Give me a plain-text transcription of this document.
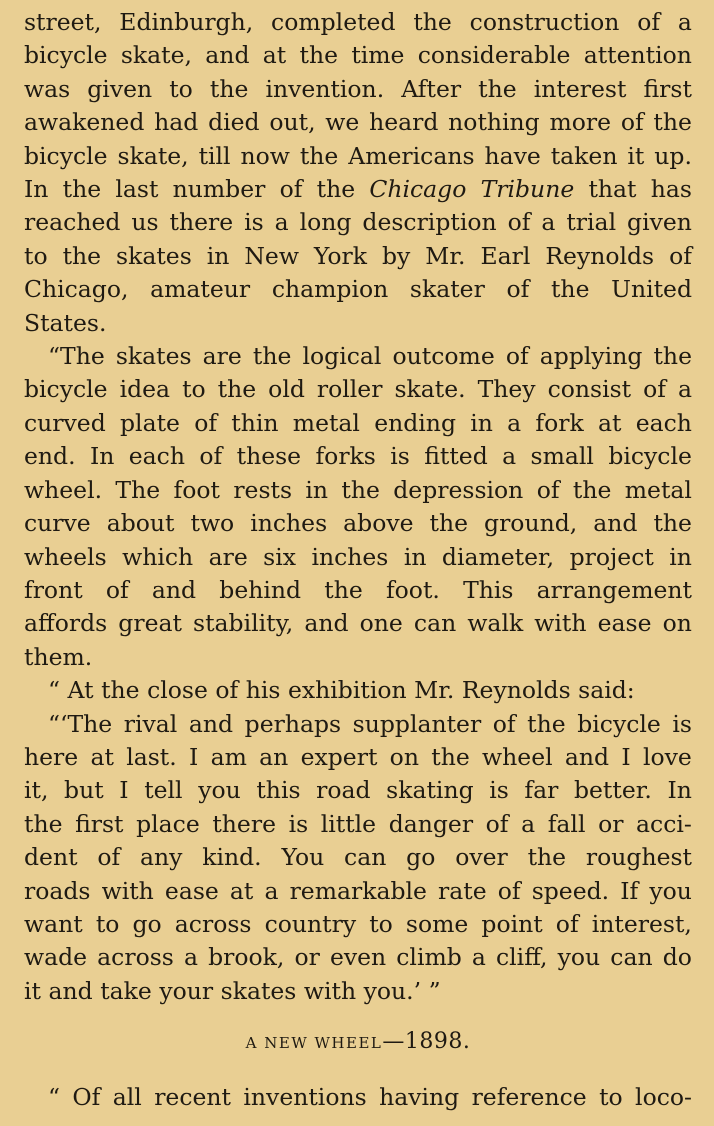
street, Edinburgh, completed the construction of a
bicycle skate, and at the time considerable attention
was given to the invention. After the interest first
awakened had died out, we heard nothing more of the
bicycle skate, till now the Americans have taken it up.
In the last number of the Chicago Tribune that has
reached us there is a long description of a trial given
to the skates in New York by Mr. Earl Reynolds of
Chicago, amateur champion skater of the United
States.
“The skates are the logical outcome of applying the
bicycle idea to the old roller skate. They consist of a
curved plate of thin metal ending in a fork at each
end. In each of these forks is fitted a small bicycle
wheel. The foot rests in the depression of the metal
curve about two inches above the ground, and the
wheels which are six inches in diameter, project in
front of and behind the foot. This arrangement
affords great stability, and one can walk with ease on
them.
“ At the close of his exhibition Mr. Reynolds said:
“‘The rival and perhaps supplanter of the bicycle is
here at last. I am an expert on the wheel and I love
it, but I tell you this road skating is far better. In
the first place there is little danger of a fall or acci-
dent of any kind. You can go over the roughest
roads with ease at a remarkable rate of speed. If you
want to go across country to some point of interest,
wade across a brook, or even climb a cliff, you can do
it and take your skates with you.’ ”
A NEW WHEEL—1898.
“ Of all recent inventions having reference to loco-
